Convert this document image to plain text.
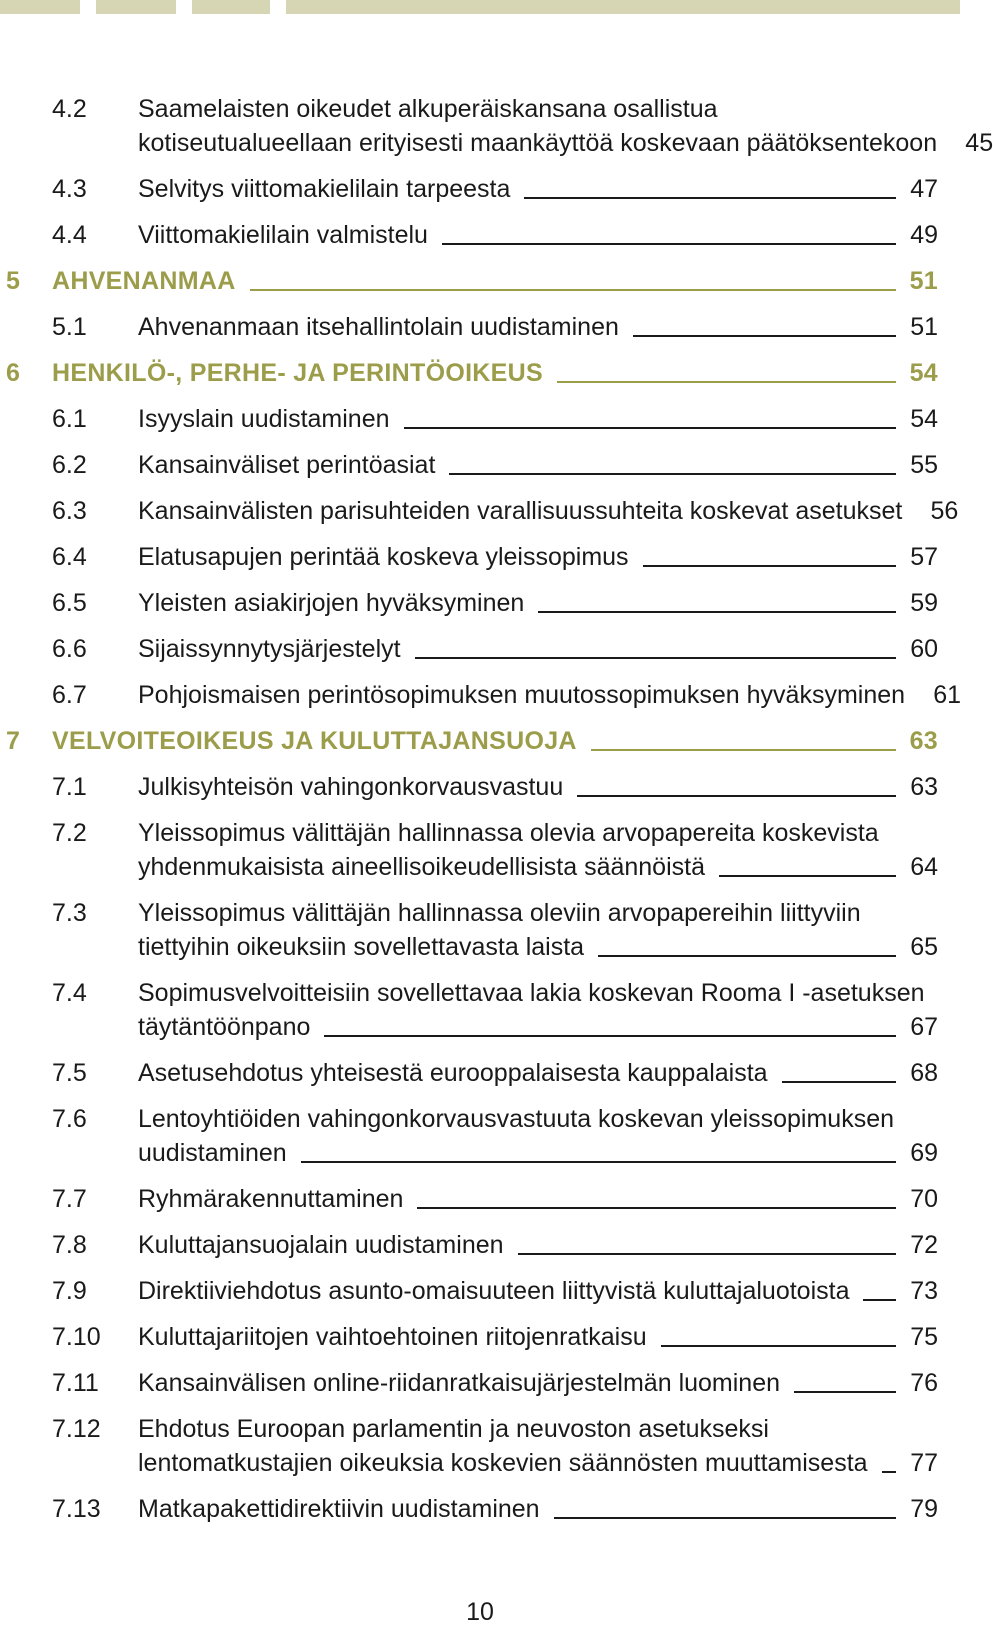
4.2 Saamelaisten oikeudet alkuperäiskansana osallistua
kotiseutualueellaan erityisesti maankäyttöä koskevaan päätöksentekoon 45
4.3 Selvitys viittomakielilain tarpeesta	47
4.4 Viittomakielilain valmistelu	49
5 AHVENANMAA	51
5.1 Ahvenanmaan itsehallintolain uudistaminen	51
6 HENKILÖ-, PERHE- JA PERINTÖOIKEUS	54
6.1 Isyyslain uudistaminen	54
6.2 Kansainväliset perintöasiat	55
6.3 Kansainvälisten parisuhteiden varallisuussuhteita koskevat asetukset 56
6.4 Elatusapujen perintää koskeva yleissopimus	57
6.5 Yleisten asiakirjojen hyväksyminen	59
6.6 Sijaissynnytysjärjestelyt	60
6.7 Pohjoismaisen perintösopimuksen muutossopimuksen hyväksyminen 61
7 VELVOITEOIKEUS JA KULUTTAJANSUOJA	63
7.1 Julkisyhteisön vahingonkorvausvastuu	63
7.2 Yleissopimus välittäjän hallinnassa olevia arvopapereita koskevista
yhdenmukaisista aineellisoikeudellisista säännöistä	64
7.3 Yleissopimus välittäjän hallinnassa oleviin arvopapereihin liittyviin
tiettyihin oikeuksiin sovellettavasta laista	65
7.4 Sopimusvelvoitteisiin sovellettavaa lakia koskevan Rooma I -asetuksen
täytäntöönpano	67
7.5 Asetusehdotus yhteisestä eurooppalaisesta kauppalaista	68
7.6 Lentoyhtiöiden vahingonkorvausvastuuta koskevan yleissopimuksen
uudistaminen	69
7.7 Ryhmärakennuttaminen	70
7.8 Kuluttajansuojalain uudistaminen	72
7.9 Direktiiviehdotus asunto-omaisuuteen liittyvistä kuluttajaluotoista 73
7.10 Kuluttajariitojen vaihtoehtoinen riitojenratkaisu	75
7.11 Kansainvälisen online-riidanratkaisujärjestelmän luominen	76
7.12 Ehdotus Euroopan parlamentin ja neuvoston asetukseksi
lentomatkustajien oikeuksia koskevien säännösten muuttamisesta 77
7.13 Matkapakettidirektiivin uudistaminen	79
10
